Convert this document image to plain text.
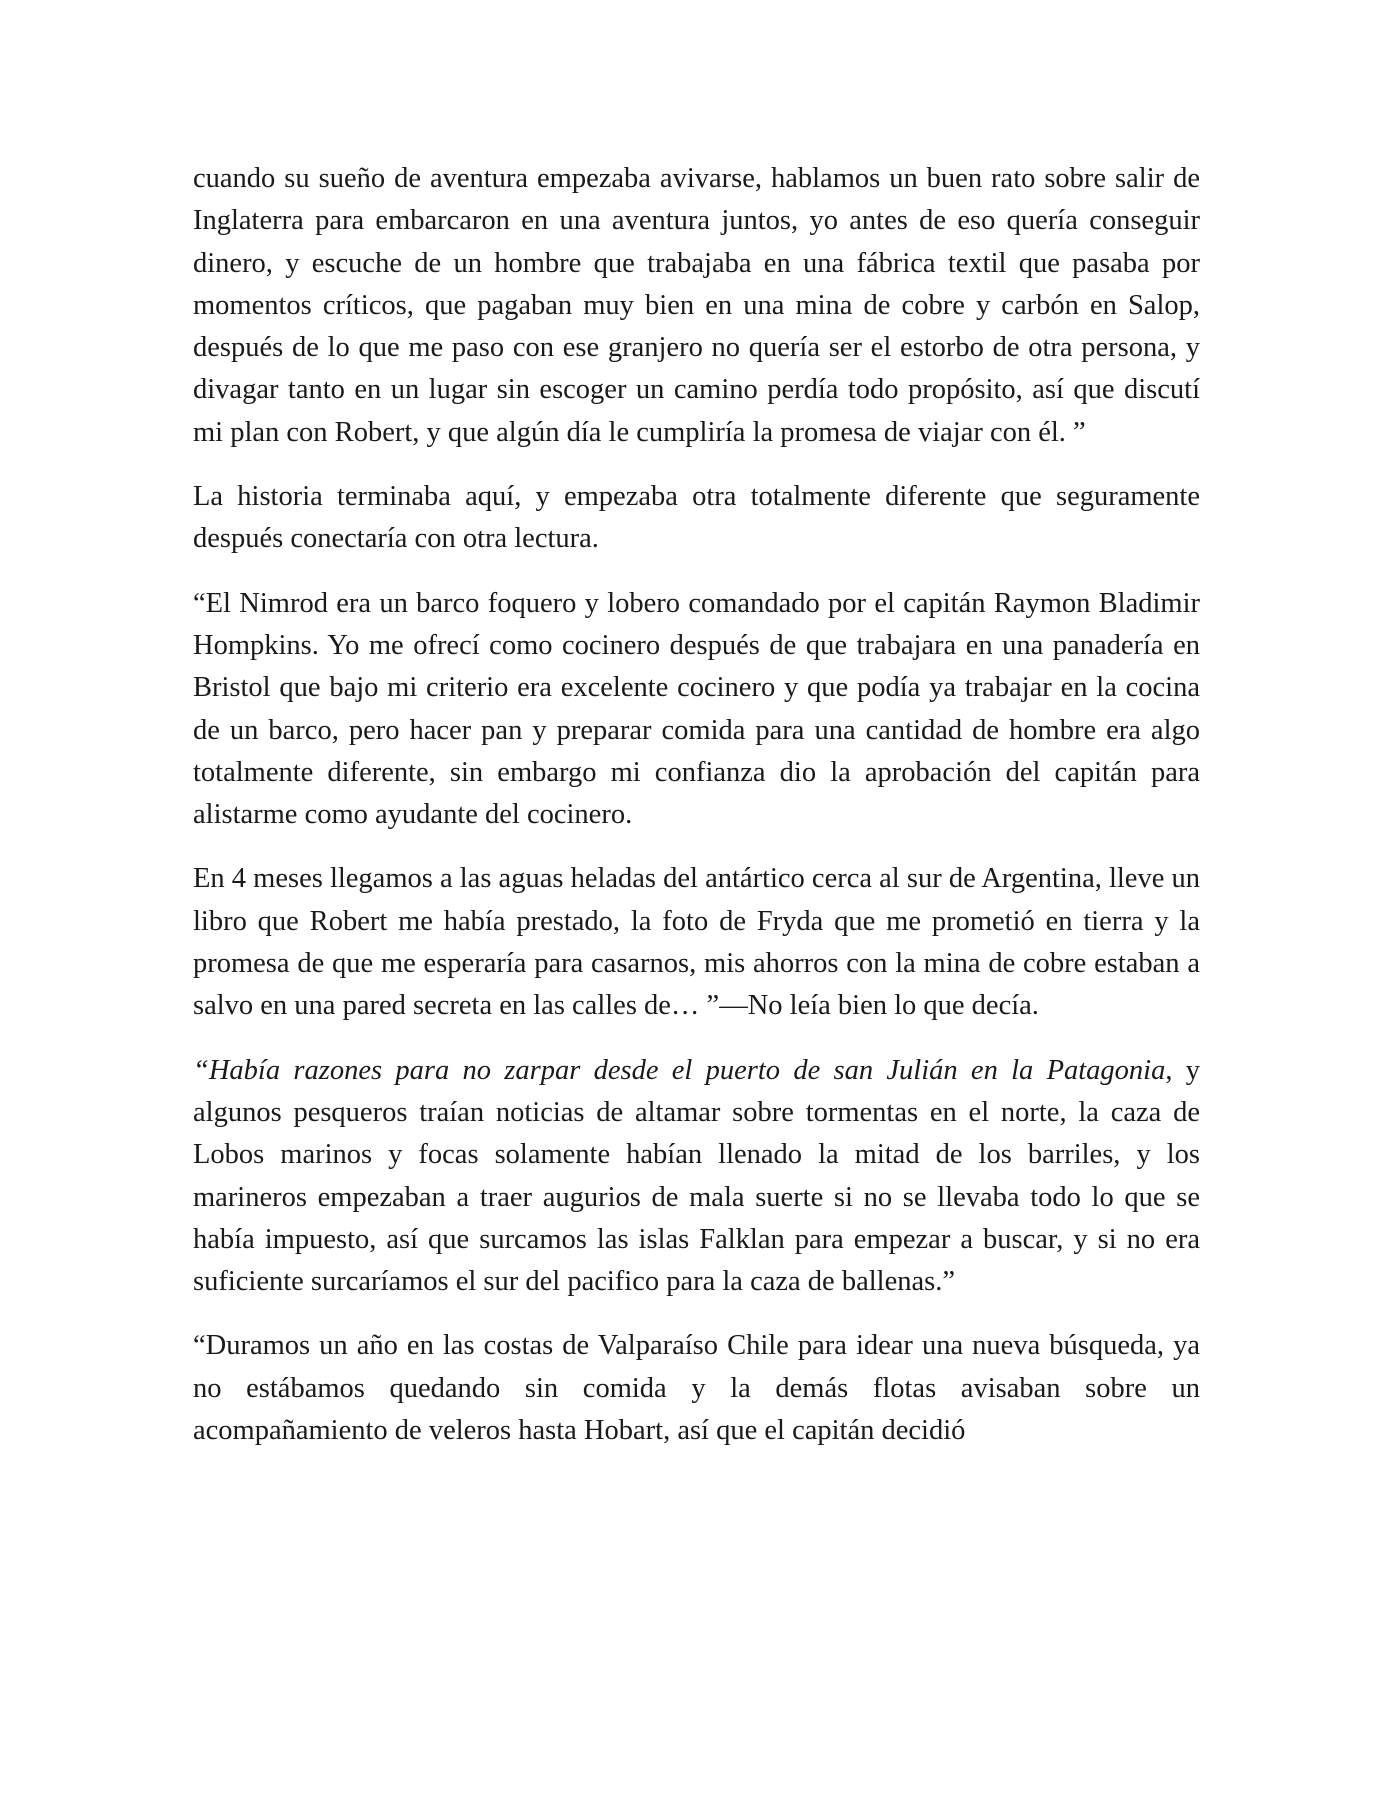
cuando su sueño de aventura empezaba avivarse, hablamos un buen rato sobre salir de Inglaterra para embarcaron en una aventura juntos, yo antes de eso quería conseguir dinero, y escuche de un hombre que trabajaba en una fábrica textil que pasaba por momentos críticos, que pagaban muy bien en una mina de cobre y carbón en Salop, después de lo que me paso con ese granjero no quería ser el estorbo de otra persona, y divagar tanto en un lugar sin escoger un camino perdía todo propósito, así que discutí mi plan con Robert, y que algún día le cumpliría la promesa de viajar con él. ”

La historia terminaba aquí, y empezaba otra totalmente diferente que seguramente después conectaría con otra lectura.

“El Nimrod era un barco foquero y lobero comandado por el capitán Raymon Bladimir Hompkins. Yo me ofrecí como cocinero después de que trabajara en una panadería en Bristol que bajo mi criterio era excelente cocinero y que podía ya trabajar en la cocina de un barco, pero hacer pan y preparar comida para una cantidad de hombre era algo totalmente diferente, sin embargo mi confianza dio la aprobación del capitán para alistarme como ayudante del cocinero.

En 4 meses llegamos a las aguas heladas del antártico cerca al sur de Argentina, lleve un libro que Robert me había prestado, la foto de Fryda que me prometió en tierra y la promesa de que me esperaría para casarnos, mis ahorros con la mina de cobre estaban a salvo en una pared secreta en las calles de… ”—No leía bien lo que decía.

“Había razones para no zarpar desde el puerto de san Julián en la Patagonia, y algunos pesqueros traían noticias de altamar sobre tormentas en el norte, la caza de Lobos marinos y focas solamente habían llenado la mitad de los barriles, y los marineros empezaban a traer augurios de mala suerte si no se llevaba todo lo que se había impuesto, así que surcamos las islas Falklan para empezar a buscar, y si no era suficiente surcaríamos el sur del pacifico para la caza de ballenas.”

“Duramos un año en las costas de Valparaíso Chile para idear una nueva búsqueda, ya no estábamos quedando sin comida y la demás flotas avisaban sobre un acompañamiento de veleros hasta Hobart, así que el capitán decidió
